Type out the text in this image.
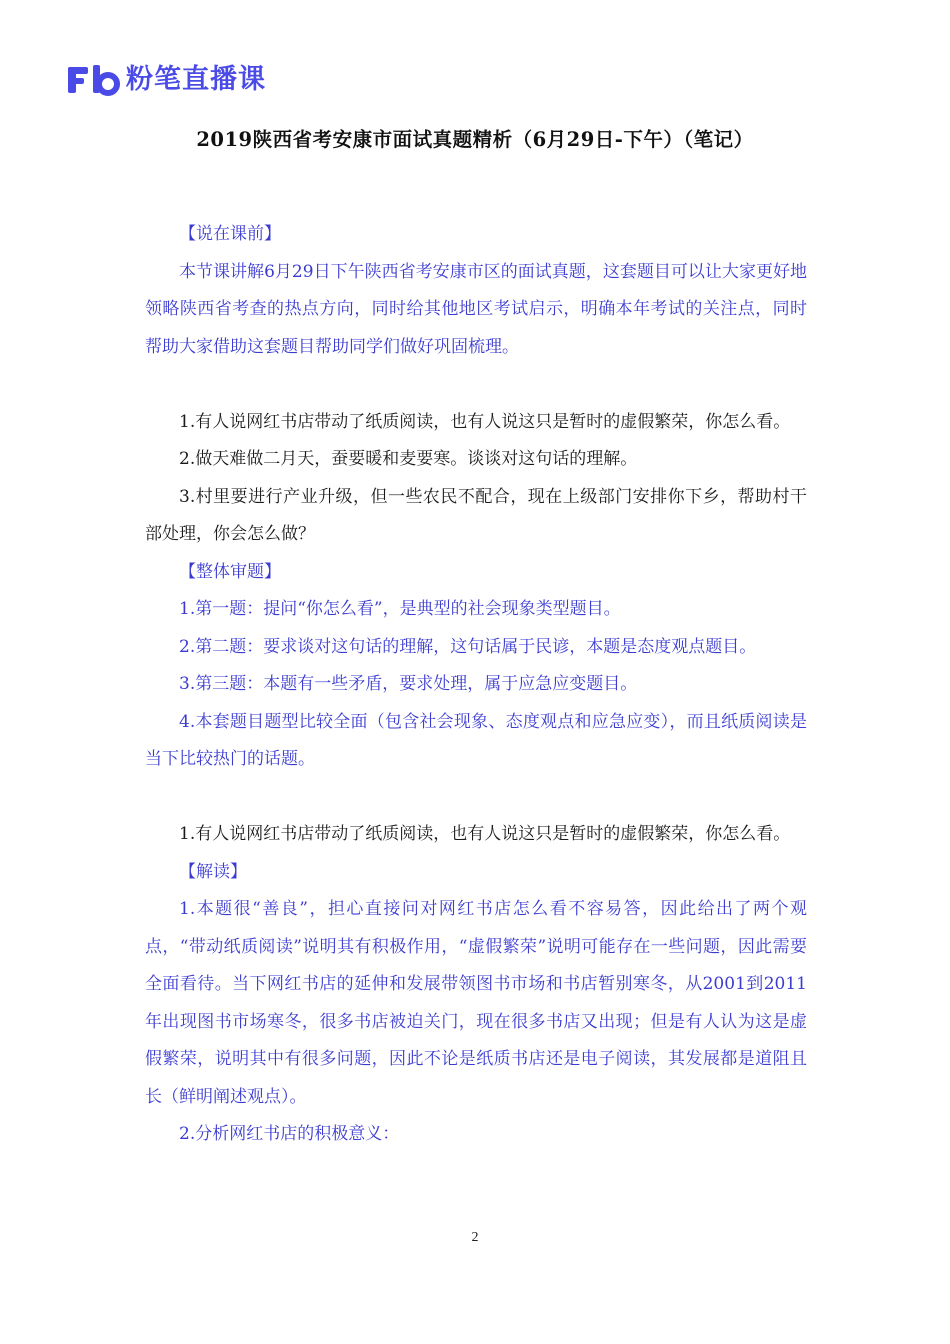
粉笔直播课
2019陕西省考安康市面试真题精析（6月29日-下午）（笔记）

【说在课前】

本节课讲解6月29日下午陕西省考安康市区的面试真题，这套题目可以让大家更好地领略陕西省考查的热点方向，同时给其他地区考试启示，明确本年考试的关注点，同时帮助大家借助这套题目帮助同学们做好巩固梳理。

1.有人说网红书店带动了纸质阅读，也有人说这只是暂时的虚假繁荣，你怎么看。

2.做天难做二月天，蚕要暖和麦要寒。谈谈对这句话的理解。

3.村里要进行产业升级，但一些农民不配合，现在上级部门安排你下乡，帮助村干部处理，你会怎么做？

【整体审题】

1.第一题：提问“你怎么看”，是典型的社会现象类型题目。

2.第二题：要求谈对这句话的理解，这句话属于民谚，本题是态度观点题目。

3.第三题：本题有一些矛盾，要求处理，属于应急应变题目。

4.本套题目题型比较全面（包含社会现象、态度观点和应急应变），而且纸质阅读是当下比较热门的话题。

1.有人说网红书店带动了纸质阅读，也有人说这只是暂时的虚假繁荣，你怎么看。

【解读】

1.本题很“善良”，担心直接问对网红书店怎么看不容易答，因此给出了两个观点，“带动纸质阅读”说明其有积极作用，“虚假繁荣”说明可能存在一些问题，因此需要全面看待。当下网红书店的延伸和发展带领图书市场和书店暂别寒冬，从2001到2011年出现图书市场寒冬，很多书店被迫关门，现在很多书店又出现；但是有人认为这是虚假繁荣，说明其中有很多问题，因此不论是纸质书店还是电子阅读，其发展都是道阻且长（鲜明阐述观点）。

2.分析网红书店的积极意义：

2
